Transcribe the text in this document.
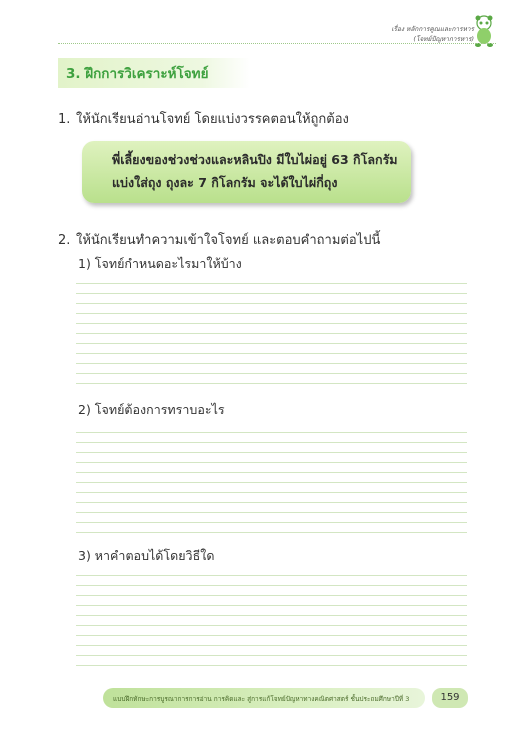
เรื่อง หลักการคูณและการหาร
(โจทย์ปัญหาการหาร)
3. ฝึกการวิเคราะห์โจทย์
1. ให้นักเรียนอ่านโจทย์ โดยแบ่งวรรคตอนให้ถูกต้อง
พี่เลี้ยงของช่วงช่วงและหลินปิง มีใบไผ่อยู่ 63 กิโลกรัม
แบ่งใส่ถุง ถุงละ 7 กิโลกรัม จะได้ใบไผ่กี่ถุง
2. ให้นักเรียนทำความเข้าใจโจทย์ และตอบคำถามต่อไปนี้
1) โจทย์กำหนดอะไรมาให้บ้าง
2) โจทย์ต้องการทราบอะไร
3) หาคำตอบได้โดยวิธีใด
แบบฝึกทักษะการบูรณาการการอ่าน การคิดและ สู่การแก้โจทย์ปัญหาทางคณิตศาสตร์ ชั้นประถมศึกษาปีที่ 3	159
